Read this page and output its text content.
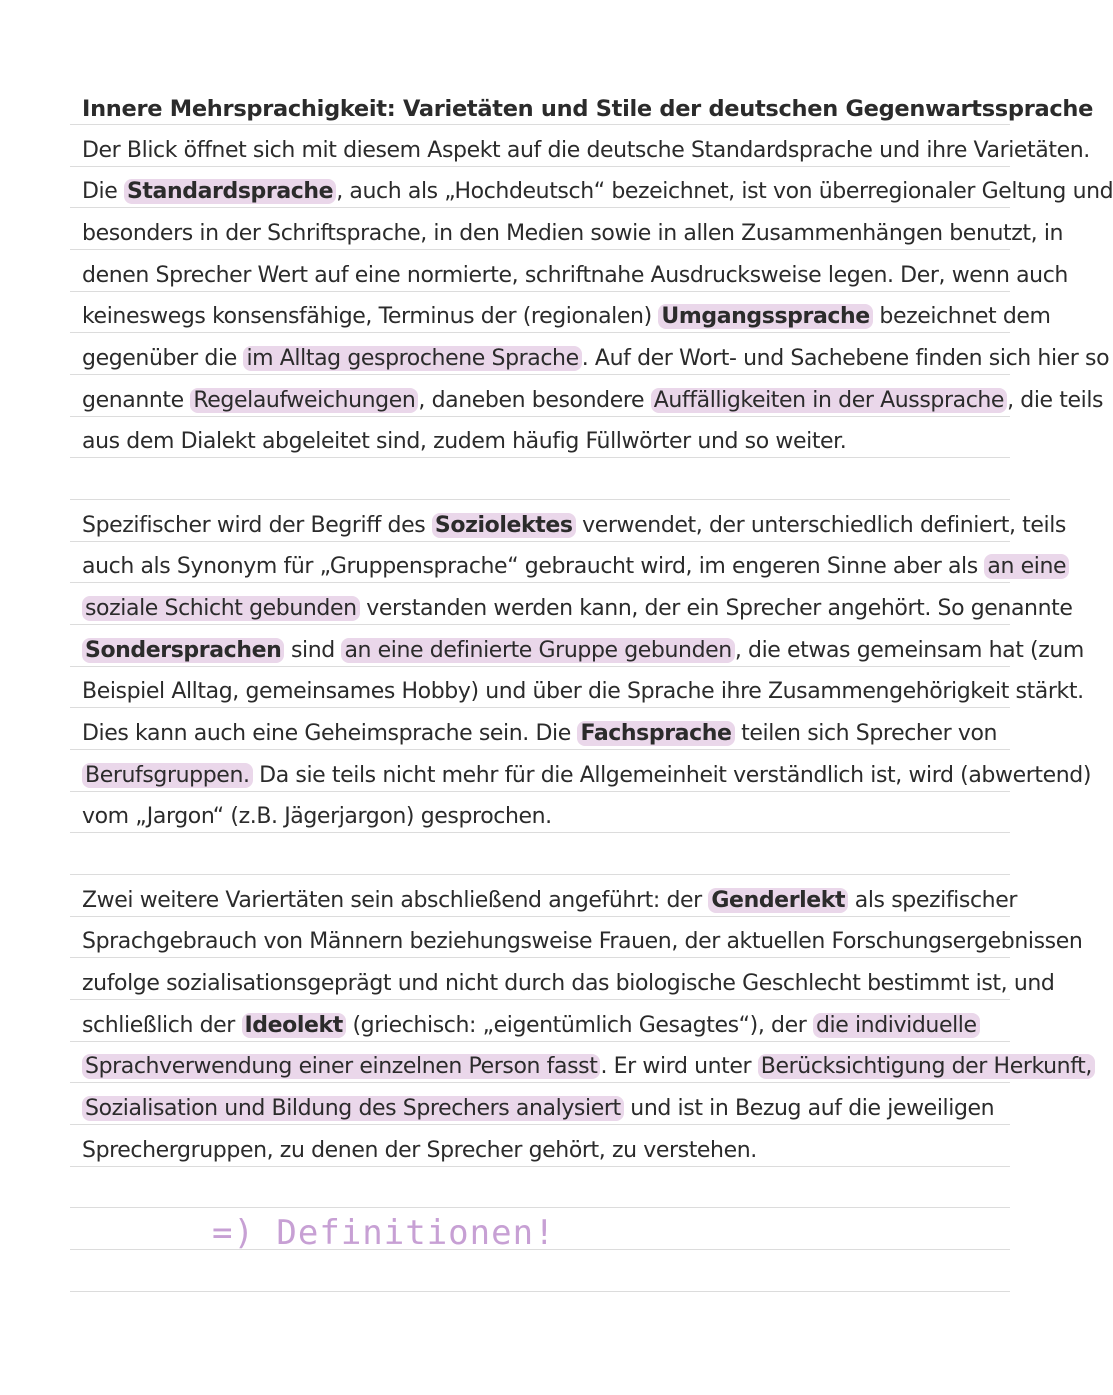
Innere Mehrsprachigkeit: Varietäten und Stile der deutschen Gegenwartssprache
Der Blick öffnet sich mit diesem Aspekt auf die deutsche Standardsprache und ihre Varietäten.
Die Standardsprache , auch als „Hochdeutsch“ bezeichnet, ist von überregionaler Geltung und
besonders in der Schriftsprache, in den Medien sowie in allen Zusammenhängen benutzt, in
denen Sprecher Wert auf eine normierte, schriftnahe Ausdrucksweise legen. Der, wenn auch
keineswegs konsensfähige, Terminus der (regionalen) Umgangssprache bezeichnet dem
gegenüber die im Alltag gesprochene Sprache . Auf der Wort- und Sachebene finden sich hier so
genannte Regelaufweichungen , daneben besondere Auffälligkeiten in der Aussprache , die teils
aus dem Dialekt abgeleitet sind, zudem häufig Füllwörter und so weiter.
Spezifischer wird der Begriff des Soziolektes verwendet, der unterschiedlich definiert, teils
auch als Synonym für „Gruppensprache“ gebraucht wird, im engeren Sinne aber als an eine
soziale Schicht gebunden verstanden werden kann, der ein Sprecher angehört. So genannte
Sondersprachen sind an eine definierte Gruppe gebunden , die etwas gemeinsam hat (zum
Beispiel Alltag, gemeinsames Hobby) und über die Sprache ihre Zusammengehörigkeit stärkt.
Dies kann auch eine Geheimsprache sein. Die Fachsprache teilen sich Sprecher von
Berufsgruppen. Da sie teils nicht mehr für die Allgemeinheit verständlich ist, wird (abwertend)
vom „Jargon“ (z.B. Jägerjargon) gesprochen.
Zwei weitere Variertäten sein abschließend angeführt: der Genderlekt als spezifischer
Sprachgebrauch von Männern beziehungsweise Frauen, der aktuellen Forschungsergebnissen
zufolge sozialisationsgeprägt und nicht durch das biologische Geschlecht bestimmt ist, und
schließlich der Ideolekt (griechisch: „eigentümlich Gesagtes“), der die individuelle
Sprachverwendung einer einzelnen Person fasst . Er wird unter Berücksichtigung der Herkunft,
Sozialisation und Bildung des Sprechers analysiert und ist in Bezug auf die jeweiligen
Sprechergruppen, zu denen der Sprecher gehört, zu verstehen.
=) Definitionen!
